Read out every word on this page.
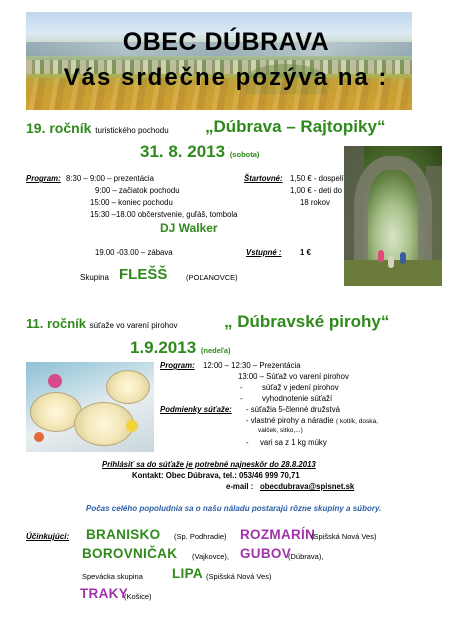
OBEC DÚBRAVA
Vás srdečne pozýva na :
19. ročník turistického pochodu „Dúbrava – Rajtopiky“
31. 8. 2013 (sobota)
Program: 8:30 – 9:00 – prezentácia
9:00 – začiatok pochodu
15:00 – koniec pochodu
15:30 –18.00 občerstvenie, guľáš, tombola
Štartovné: 1,50 € - dospelí
1,00 € - deti do
18 rokov
DJ Walker
19.00 -03.00 – zábava	Vstupné : 1 €
Skupina FLEŠŠ (POĽANOVCE)
11. ročník súťaže vo varení pirohov	„ Dúbravské pirohy“
1.9.2013 (nedeľa)
Program: 12:00 – 12:30 – Prezentácia
13:00 – Súťaž vo varení pirohov
- súťaž v jedení pirohov
- vyhodnotenie súťaží
Podmienky súťaže: - súťažia 5-členné družstvá
- vlastné pirohy a náradie ( kotlík, doska,
valček, sitko,...)
- vari sa z 1 kg múky
Prihlásiť sa do súťaže je potrebné najneskôr do 28.8.2013
Kontakt: Obec Dúbrava, tel.: 053/46 999 70,71
e-mail : obecdubrava@spisnet.sk
Počas celého popoludnia sa o našu náladu postarajú rôzne skupiny a súbory.
Účinkujúci: BRANISKO (Sp. Podhradie) ROZMARÍN
(Spišská Nová Ves)
BOROVNIČAK (Vajkovce), GUBOV
(Dúbrava),
Spevácka skupina LIPA (Spišská Nová Ves)
TRAKY
(Košice)
